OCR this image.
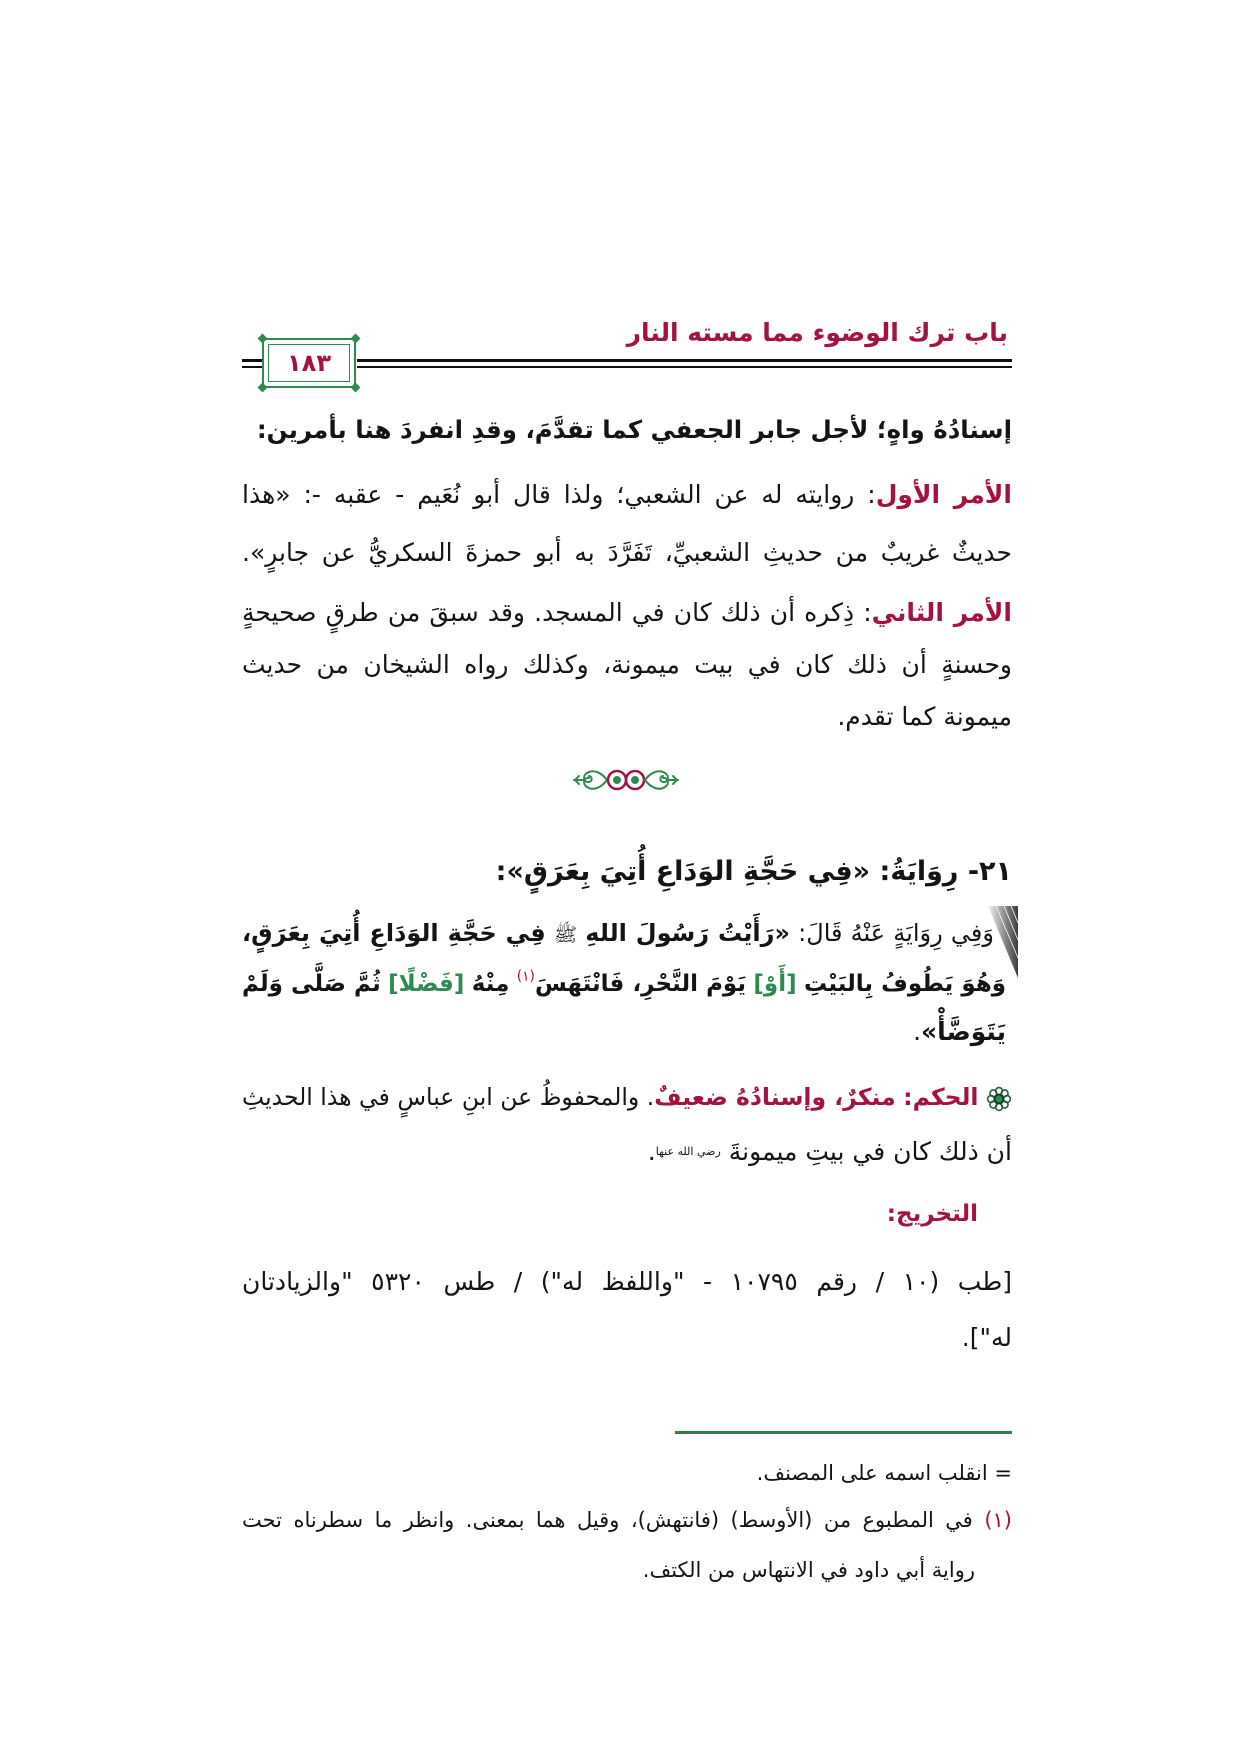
باب ترك الوضوء مما مسته النار
١٨٣
إسنادُهُ واهٍ؛ لأجل جابر الجعفي كما تقدَّمَ، وقدِ انفردَ هنا بأمرين:
الأمر الأول: روايته له عن الشعبي؛ ولذا قال أبو نُعَيم - عقبه -: «هذا
حديثٌ غريبٌ من حديثِ الشعبيِّ، تَفَرَّدَ به أبو حمزةَ السكريُّ عن جابرٍ».
الأمر الثاني: ذِكره أن ذلك كان في المسجد. وقد سبقَ من طرقٍ صحيحةٍ
وحسنةٍ أن ذلك كان في بيت ميمونة، وكذلك رواه الشيخان من حديث
ميمونة كما تقدم.
٢١- رِوَايَةُ: «فِي حَجَّةِ الوَدَاعِ أُتِيَ بِعَرَقٍ»:
وَفِي رِوَايَةٍ عَنْهُ قَالَ: «رَأَيْتُ رَسُولَ اللهِ ﷺ فِي حَجَّةِ الوَدَاعِ أُتِيَ بِعَرَقٍ،
وَهُوَ يَطُوفُ بِالبَيْتِ [أَوْ] يَوْمَ النَّحْرِ، فَانْتَهَسَ$^{(١)}$ مِنْهُ [فَضْلًا] ثُمَّ صَلَّى وَلَمْ
يَتَوَضَّأْ».
الحكم: منكرٌ، وإسنادُهُ ضعيفٌ. والمحفوظُ عن ابنِ عباسٍ في هذا الحديثِ
أن ذلك كان في بيتِ ميمونةَ رضي الله عنها.
التخريج:
[طب (١٠ / رقم ١٠٧٩٥ - "واللفظ له") / طس ٥٣٢٠ "والزيادتان
له"].
= انقلب اسمه على المصنف.
(١) في المطبوع من (الأوسط) (فانتهش)، وقيل هما بمعنى. وانظر ما سطرناه تحت
رواية أبي داود في الانتهاس من الكتف.
